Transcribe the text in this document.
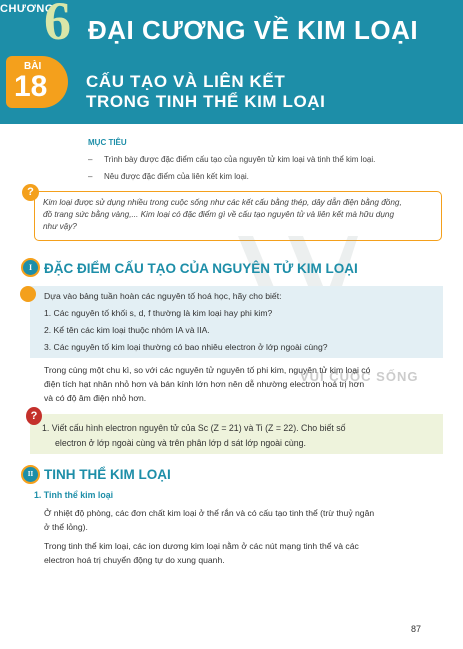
CHƯƠNG
6 ĐẠI CƯƠNG VỀ KIM LOẠI
BÀI
18 CẤU TẠO VÀ LIÊN KẾT
TRONG TINH THỂ KIM LOẠI
MỤC TIÊU
– Trình bày được đặc điểm cấu tạo của nguyên tử kim loại và tinh thể kim loại.
– Nêu được đặc điểm của liên kết kim loại.
Kim loại được sử dụng nhiều trong cuộc sống như các kết cấu bằng thép, dây dẫn điện bằng đồng,
đồ trang sức bằng vàng,... Kim loại có đặc điểm gì về cấu tạo nguyên tử và liên kết mà hữu dụng
như vậy?
?
VUI CUỘC SỐNG
I ĐẶC ĐIỂM CẤU TẠO CỦA NGUYÊN TỬ KIM LOẠI
Dựa vào bảng tuần hoàn các nguyên tố hoá học, hãy cho biết:
1. Các nguyên tố khối s, d, f thường là kim loại hay phi kim?
2. Kể tên các kim loại thuộc nhóm IA và IIA.
3. Các nguyên tố kim loại thường có bao nhiêu electron ở lớp ngoài cùng?
Trong cùng một chu kì, so với các nguyên tử nguyên tố phi kim, nguyên tử kim loại có
điện tích hạt nhân nhỏ hơn và bán kính lớn hơn nên dễ nhường electron hoá trị hơn
và có độ âm điện nhỏ hơn.
?
1. Viết cấu hình electron nguyên tử của Sc (Z = 21) và Ti (Z = 22). Cho biết số
electron ở lớp ngoài cùng và trên phân lớp d sát lớp ngoài cùng.
II TINH THỂ KIM LOẠI
1. Tinh thể kim loại
Ở nhiệt độ phòng, các đơn chất kim loại ở thể rắn và có cấu tạo tinh thể (trừ thuỷ ngân
ở thể lỏng).
Trong tinh thể kim loại, các ion dương kim loại nằm ở các nút mạng tinh thể và các
electron hoá trị chuyển động tự do xung quanh.
87
